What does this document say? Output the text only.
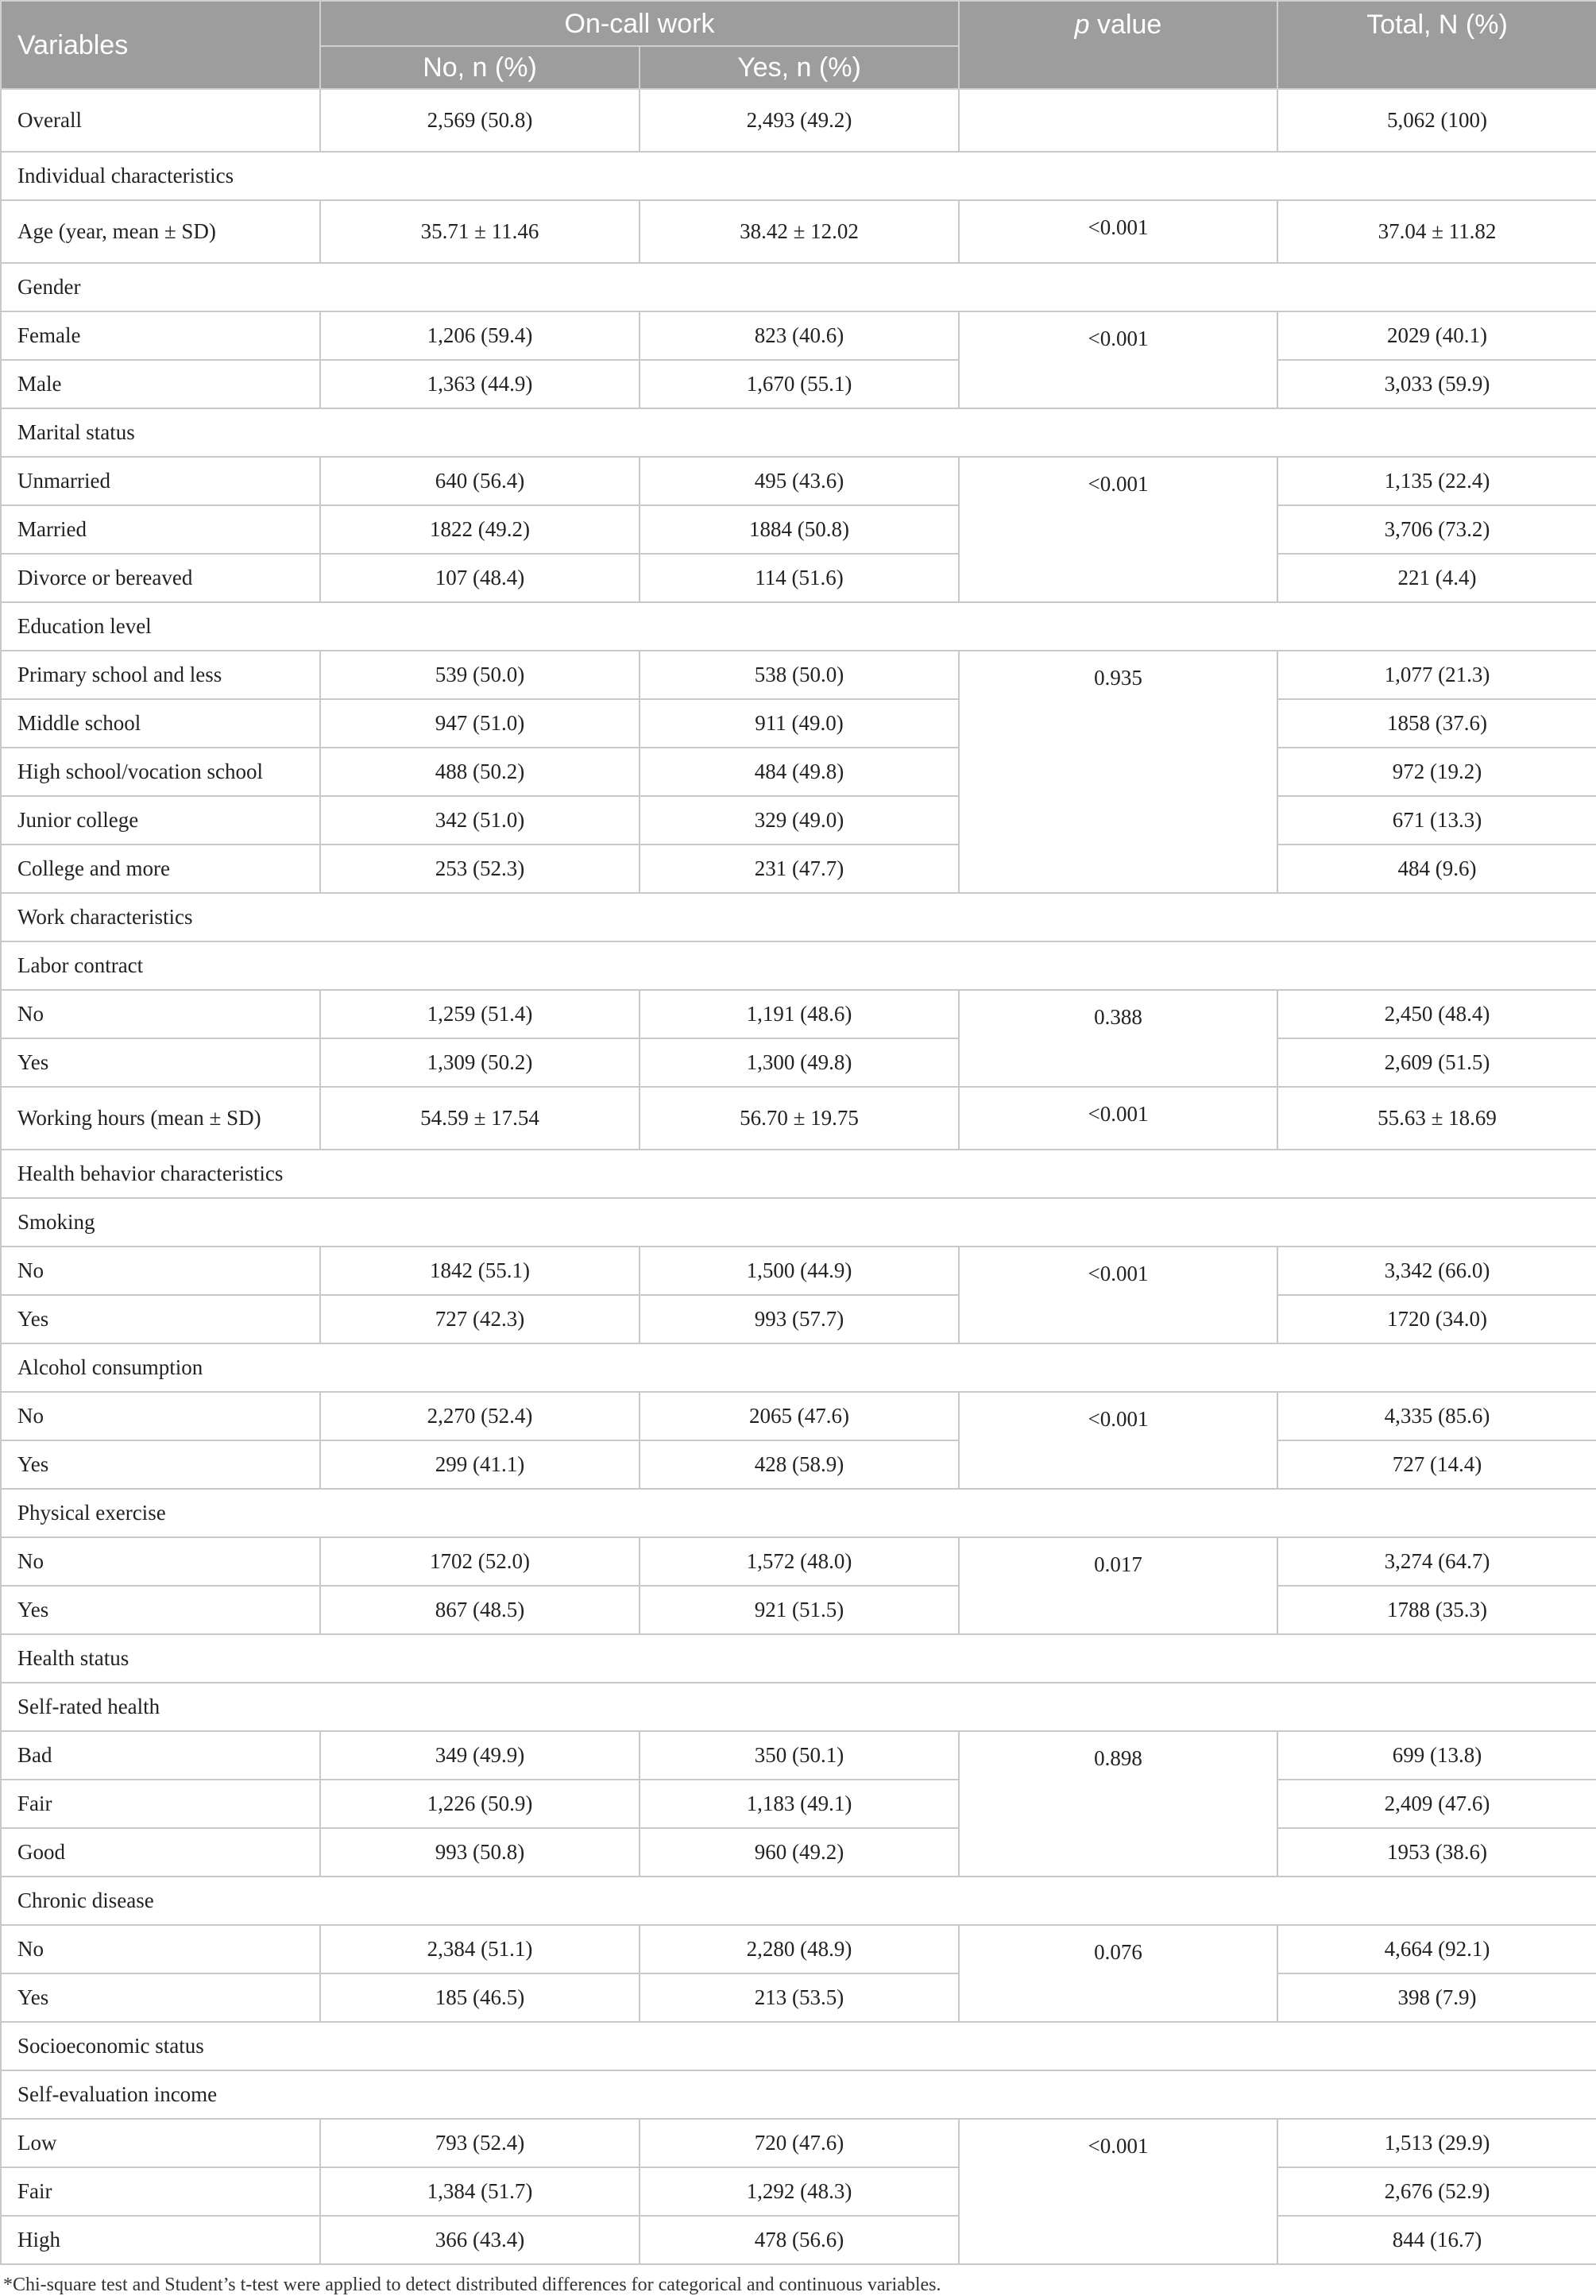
Variables	On-call work		p value	Total, N (%)
	No, n (%)	Yes, n (%)		
Overall	2,569 (50.8)	2,493 (49.2)		5,062 (100)
Individual characteristics				
Age (year, mean ± SD)	35.71 ± 11.46	38.42 ± 12.02	<0.001	37.04 ± 11.82
Gender				
Female	1,206 (59.4)	823 (40.6)	<0.001	2029 (40.1)
Male	1,363 (44.9)	1,670 (55.1)		3,033 (59.9)
Marital status				
Unmarried	640 (56.4)	495 (43.6)	<0.001	1,135 (22.4)
Married	1822 (49.2)	1884 (50.8)		3,706 (73.2)
Divorce or bereaved	107 (48.4)	114 (51.6)		221 (4.4)
Education level				
Primary school and less	539 (50.0)	538 (50.0)	0.935	1,077 (21.3)
Middle school	947 (51.0)	911 (49.0)		1858 (37.6)
High school/vocation school	488 (50.2)	484 (49.8)		972 (19.2)
Junior college	342 (51.0)	329 (49.0)		671 (13.3)
College and more	253 (52.3)	231 (47.7)		484 (9.6)
Work characteristics				
Labor contract				
No	1,259 (51.4)	1,191 (48.6)	0.388	2,450 (48.4)
Yes	1,309 (50.2)	1,300 (49.8)		2,609 (51.5)
Working hours (mean ± SD)	54.59 ± 17.54	56.70 ± 19.75	<0.001	55.63 ± 18.69
Health behavior characteristics				
Smoking				
No	1842 (55.1)	1,500 (44.9)	<0.001	3,342 (66.0)
Yes	727 (42.3)	993 (57.7)		1720 (34.0)
Alcohol consumption				
No	2,270 (52.4)	2065 (47.6)	<0.001	4,335 (85.6)
Yes	299 (41.1)	428 (58.9)		727 (14.4)
Physical exercise				
No	1702 (52.0)	1,572 (48.0)	0.017	3,274 (64.7)
Yes	867 (48.5)	921 (51.5)		1788 (35.3)
Health status				
Self-rated health				
Bad	349 (49.9)	350 (50.1)	0.898	699 (13.8)
Fair	1,226 (50.9)	1,183 (49.1)		2,409 (47.6)
Good	993 (50.8)	960 (49.2)		1953 (38.6)
Chronic disease				
No	2,384 (51.1)	2,280 (48.9)	0.076	4,664 (92.1)
Yes	185 (46.5)	213 (53.5)		398 (7.9)
Socioeconomic status				
Self-evaluation income				
Low	793 (52.4)	720 (47.6)	<0.001	1,513 (29.9)
Fair	1,384 (51.7)	1,292 (48.3)		2,676 (52.9)
High	366 (43.4)	478 (56.6)		844 (16.7)
*Chi-square test and Student’s t-test were applied to detect distributed differences for categorical and continuous variables.
